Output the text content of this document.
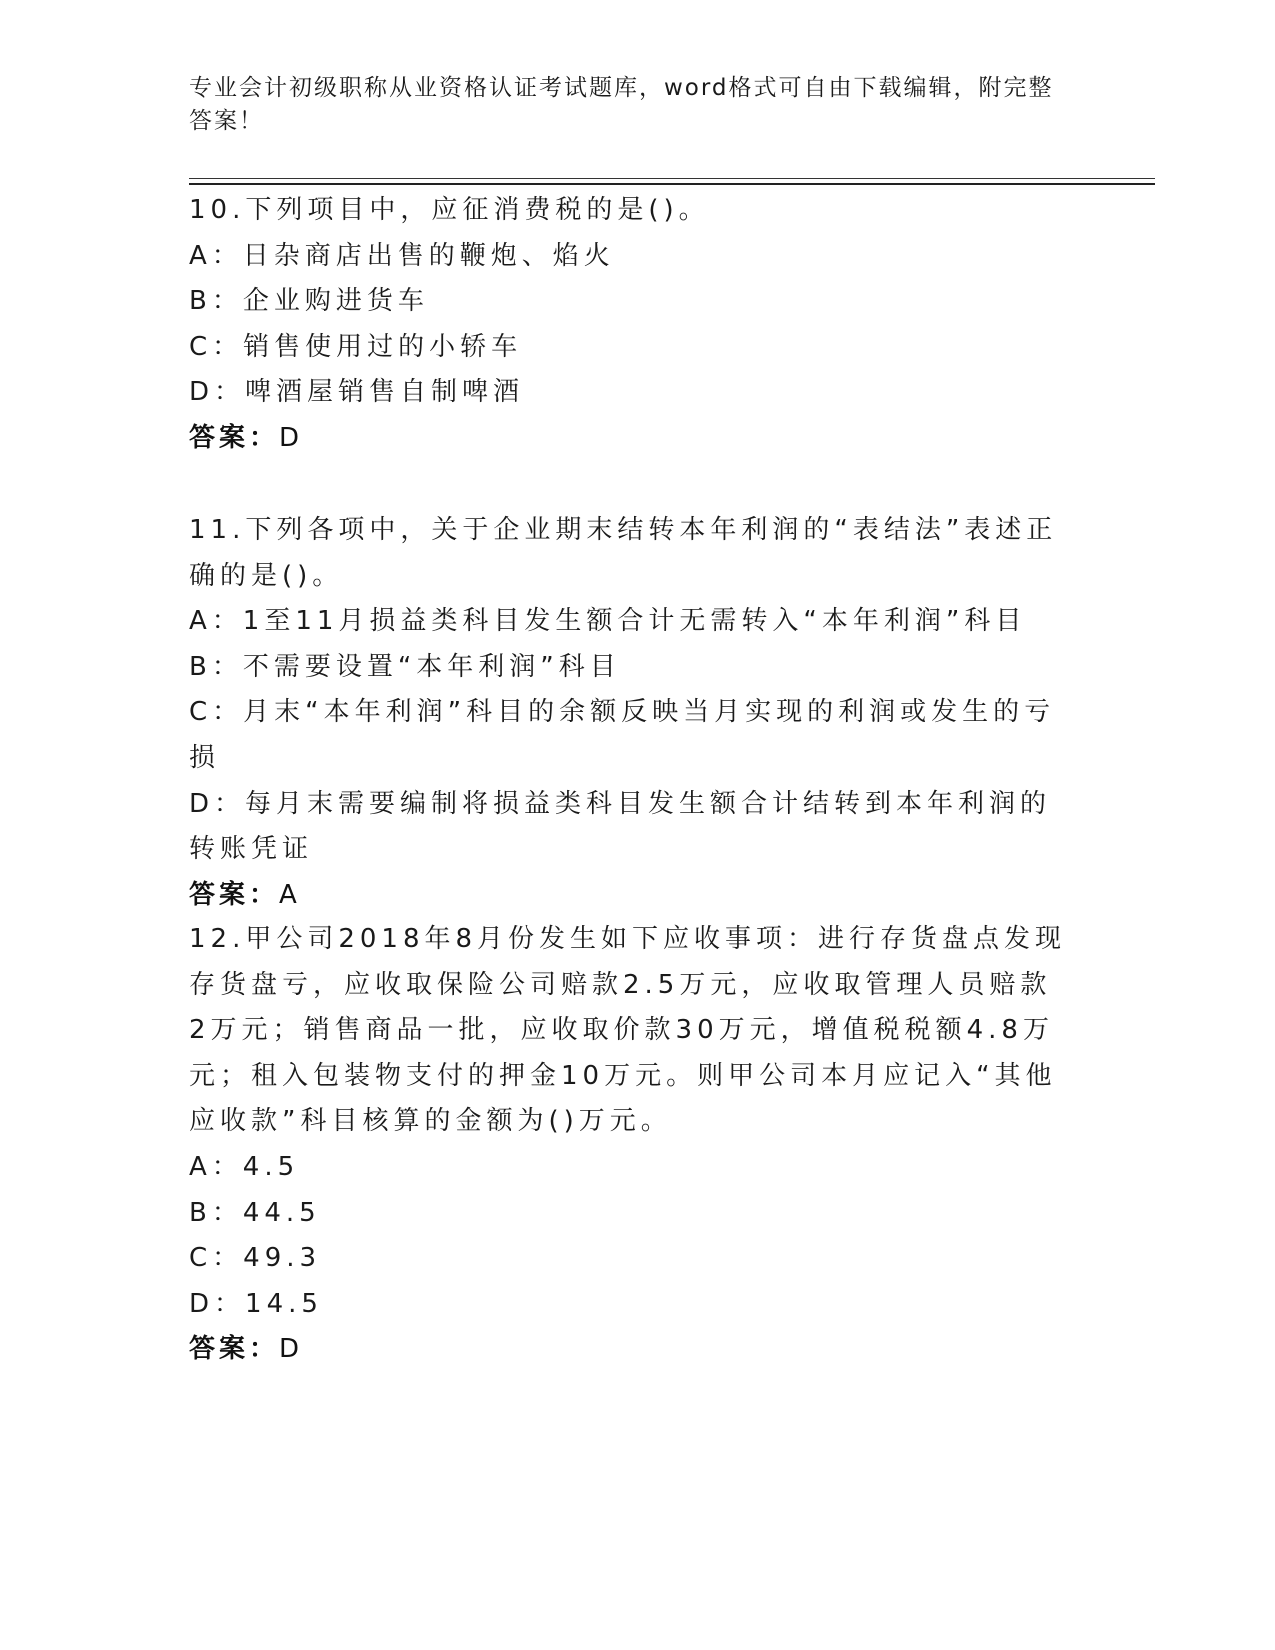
专业会计初级职称从业资格认证考试题库，word格式可自由下载编辑，附完整答案！
10.下列项目中，应征消费税的是()。
A：日杂商店出售的鞭炮、焰火
B：企业购进货车
C：销售使用过的小轿车
D：啤酒屋销售自制啤酒
答案：D
11.下列各项中，关于企业期末结转本年利润的“表结法”表述正确的是()。
A：1至11月损益类科目发生额合计无需转入“本年利润”科目
B：不需要设置“本年利润”科目
C：月末“本年利润”科目的余额反映当月实现的利润或发生的亏损
D：每月末需要编制将损益类科目发生额合计结转到本年利润的转账凭证
答案：A
12.甲公司2018年8月份发生如下应收事项：进行存货盘点发现存货盘亏，应收取保险公司赔款2.5万元，应收取管理人员赔款2万元；销售商品一批，应收取价款30万元，增值税税额4.8万元；租入包装物支付的押金10万元。则甲公司本月应记入“其他应收款”科目核算的金额为()万元。
A：4.5
B：44.5
C：49.3
D：14.5
答案：D
